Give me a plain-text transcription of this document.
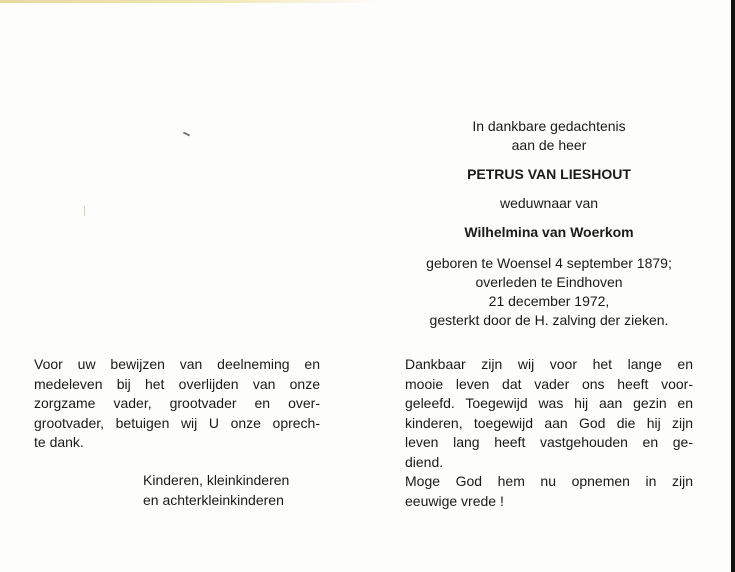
In dankbare gedachtenis
aan de heer
PETRUS VAN LIESHOUT
weduwnaar van
Wilhelmina van Woerkom
geboren te Woensel 4 september 1879;
overleden te Eindhoven
21 december 1972,
gesterkt door de H. zalving der zieken.
Dankbaar zijn wij voor het lange en
mooie leven dat vader ons heeft voor-
geleefd. Toegewijd was hij aan gezin en
kinderen, toegewijd aan God die hij zijn
leven lang heeft vastgehouden en ge-
diend.
Moge God hem nu opnemen in zijn
eeuwige vrede !
Voor uw bewijzen van deelneming en
medeleven bij het overlijden van onze
zorgzame vader, grootvader en over-
grootvader, betuigen wij U onze oprech-
te dank.
Kinderen, kleinkinderen
en achterkleinkinderen
